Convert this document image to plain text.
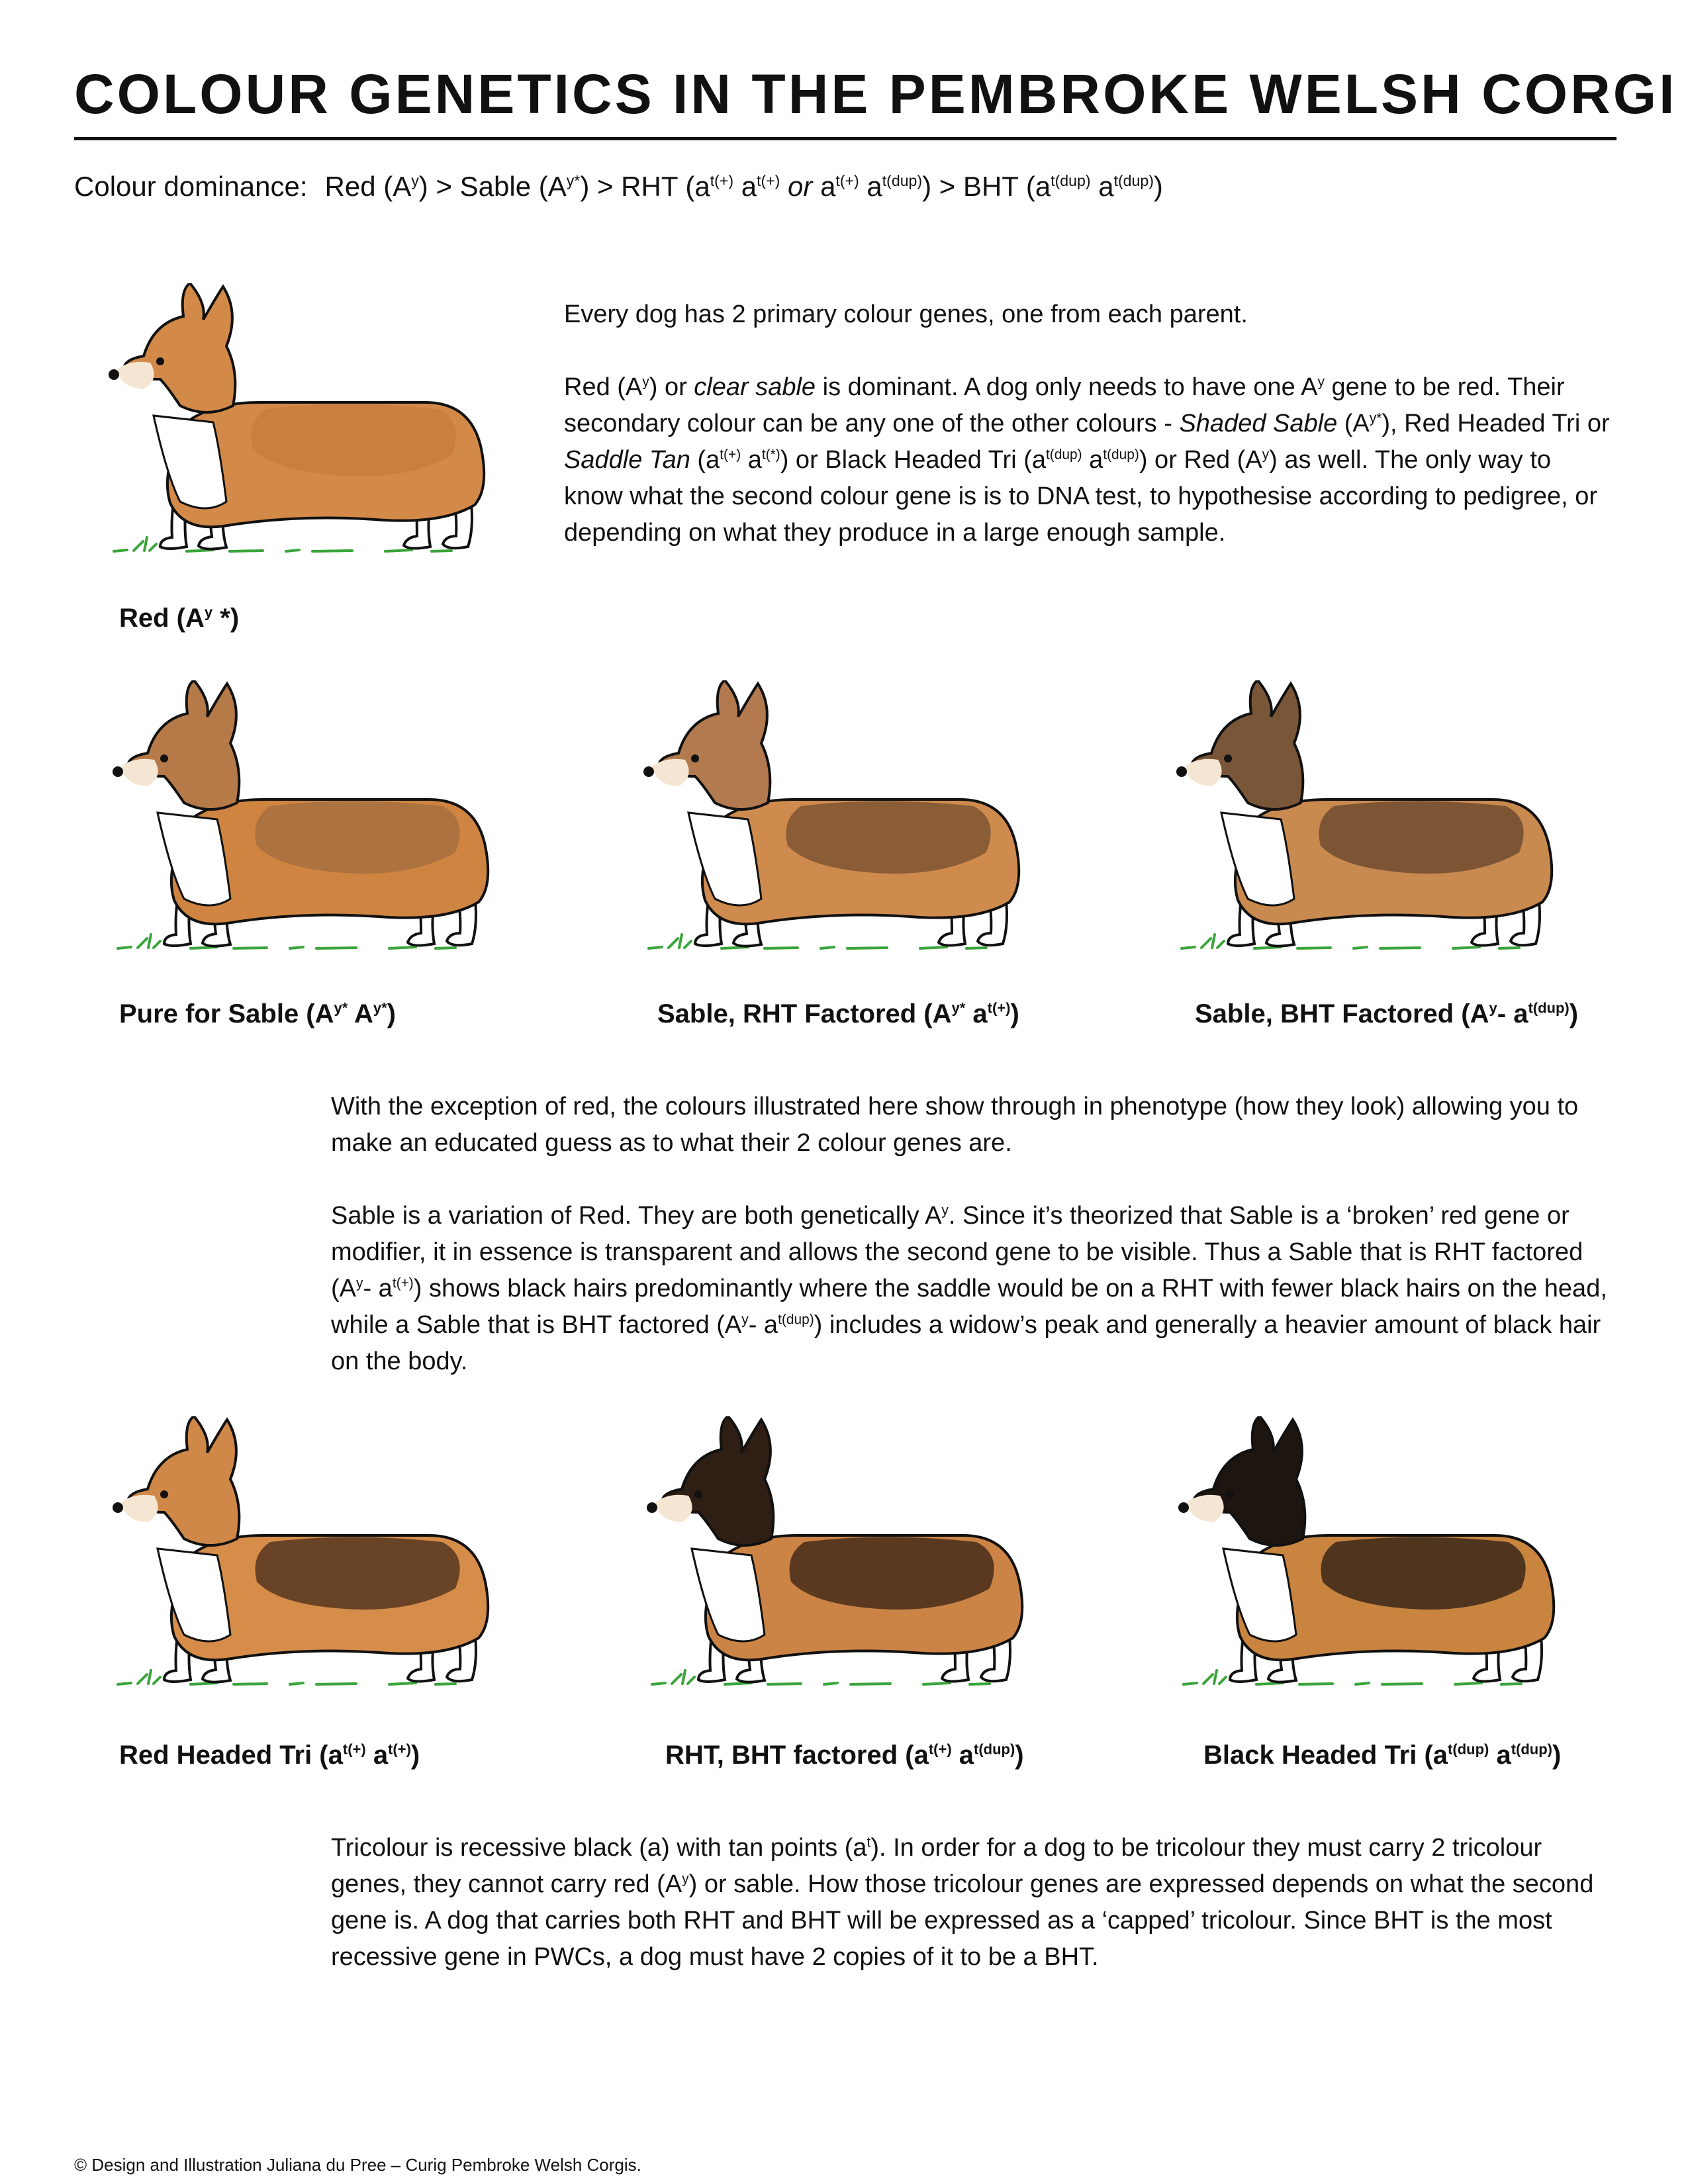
COLOUR GENETICS IN THE PEMBROKE WELSH CORGI
Colour dominance: Red $(A^y)$ > Sable $(A^{y*})$ > RHT ($a^{t(+)}$ $a^{t(+)}$ or $a^{t(+)}$ $a^{t(dup)}$) > BHT ($a^{t(dup)}$ $a^{t(dup)}$)

Every dog has 2 primary colour genes, one from each parent.

Red $(A^y)$ or clear sable is dominant. A dog only needs to have one $A^y$ gene to be red. Their secondary colour can be any one of the other colours - Shaded Sable $(A^{y*})$, Red Headed Tri or Saddle Tan ($a^{t(+)}$ $a^{t(*)}$) or Black Headed Tri ($a^{t(dup)}$ $a^{t(dup)}$) or Red $(A^y)$ as well. The only way to know what the second colour gene is is to DNA test, to hypothesise according to pedigree, or depending on what they produce in a large enough sample.

Red ($A^y$ *)
Pure for Sable ($A^{y*}$ $A^{y*}$)	Sable, RHT Factored ($A^{y*}$ $a^{t(+)}$)	Sable, BHT Factored ($A^y-$ $a^{t(dup)}$)

With the exception of red, the colours illustrated here show through in phenotype (how they look) allowing you to make an educated guess as to what their 2 colour genes are.

Sable is a variation of Red. They are both genetically $A^y$. Since it’s theorized that Sable is a ‘broken’ red gene or modifier, it in essence is transparent and allows the second gene to be visible. Thus a Sable that is RHT factored ($A^y-$ $a^{t(+)}$) shows black hairs predominantly where the saddle would be on a RHT with fewer black hairs on the head, while a Sable that is BHT factored ($A^y-$ $a^{t(dup)}$) includes a widow’s peak and generally a heavier amount of black hair on the body.

Red Headed Tri ($a^{t(+)}$ $a^{t(+)}$)	RHT, BHT factored ($a^{t(+)}$ $a^{t(dup)}$)	Black Headed Tri ($a^{t(dup)}$ $a^{t(dup)}$)

Tricolour is recessive black (a) with tan points $(a^t)$. In order for a dog to be tricolour they must carry 2 tricolour genes, they cannot carry red $(A^y)$ or sable. How those tricolour genes are expressed depends on what the second gene is. A dog that carries both RHT and BHT will be expressed as a ‘capped’ tricolour. Since BHT is the most recessive gene in PWCs, a dog must have 2 copies of it to be a BHT.

© Design and Illustration Juliana du Pree – Curig Pembroke Welsh Corgis.
